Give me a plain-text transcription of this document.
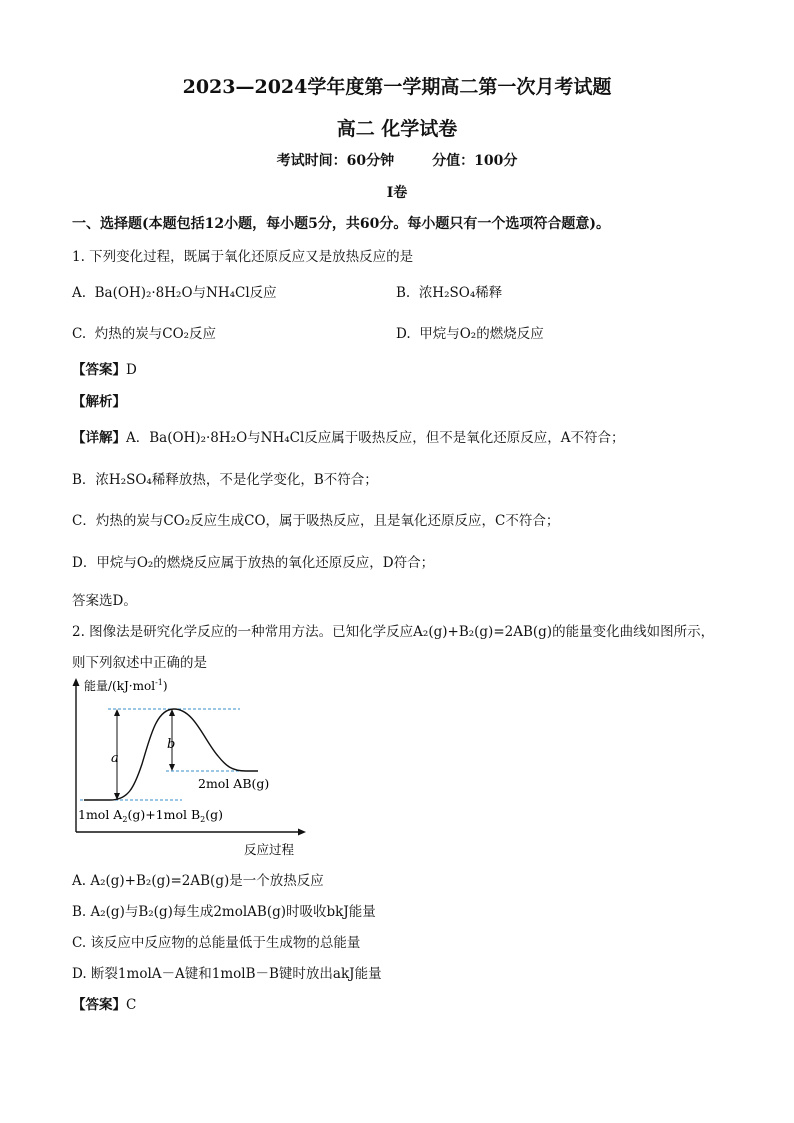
2023—2024学年度第一学期高二第一次月考试题
高二 化学试卷
考试时间：60分钟	分值：100分
I卷
一、选择题(本题包括12小题，每小题5分，共60分。每小题只有一个选项符合题意)。
1. 下列变化过程，既属于氧化还原反应又是放热反应的是
A. Ba(OH)₂·8H₂O与NH₄Cl反应	B. 浓H₂SO₄稀释
C. 灼热的炭与CO₂反应	D. 甲烷与O₂的燃烧反应
【答案】D
【解析】
【详解】A．Ba(OH)₂·8H₂O与NH₄Cl反应属于吸热反应，但不是氧化还原反应，A不符合；
B．浓H₂SO₄稀释放热，不是化学变化，B不符合；
C．灼热的炭与CO₂反应生成CO，属于吸热反应，且是氧化还原反应，C不符合；
D．甲烷与O₂的燃烧反应属于放热的氧化还原反应，D符合；
答案选D。
2. 图像法是研究化学反应的一种常用方法。已知化学反应A₂(g)+B₂(g)=2AB(g)的能量变化曲线如图所示，
则下列叙述中正确的是
a
b
能量/(kJ·mol$^{-1}$)
2mol AB(g)
1mol $A_2(g)+1mol$ $B_2(g)$
反应过程
A. A₂(g)+B₂(g)=2AB(g)是一个放热反应
B. A₂(g)与B₂(g)每生成2molAB(g)时吸收bkJ能量
C. 该反应中反应物的总能量低于生成物的总能量
D. 断裂1molA－A键和1molB－B键时放出akJ能量
【答案】C
